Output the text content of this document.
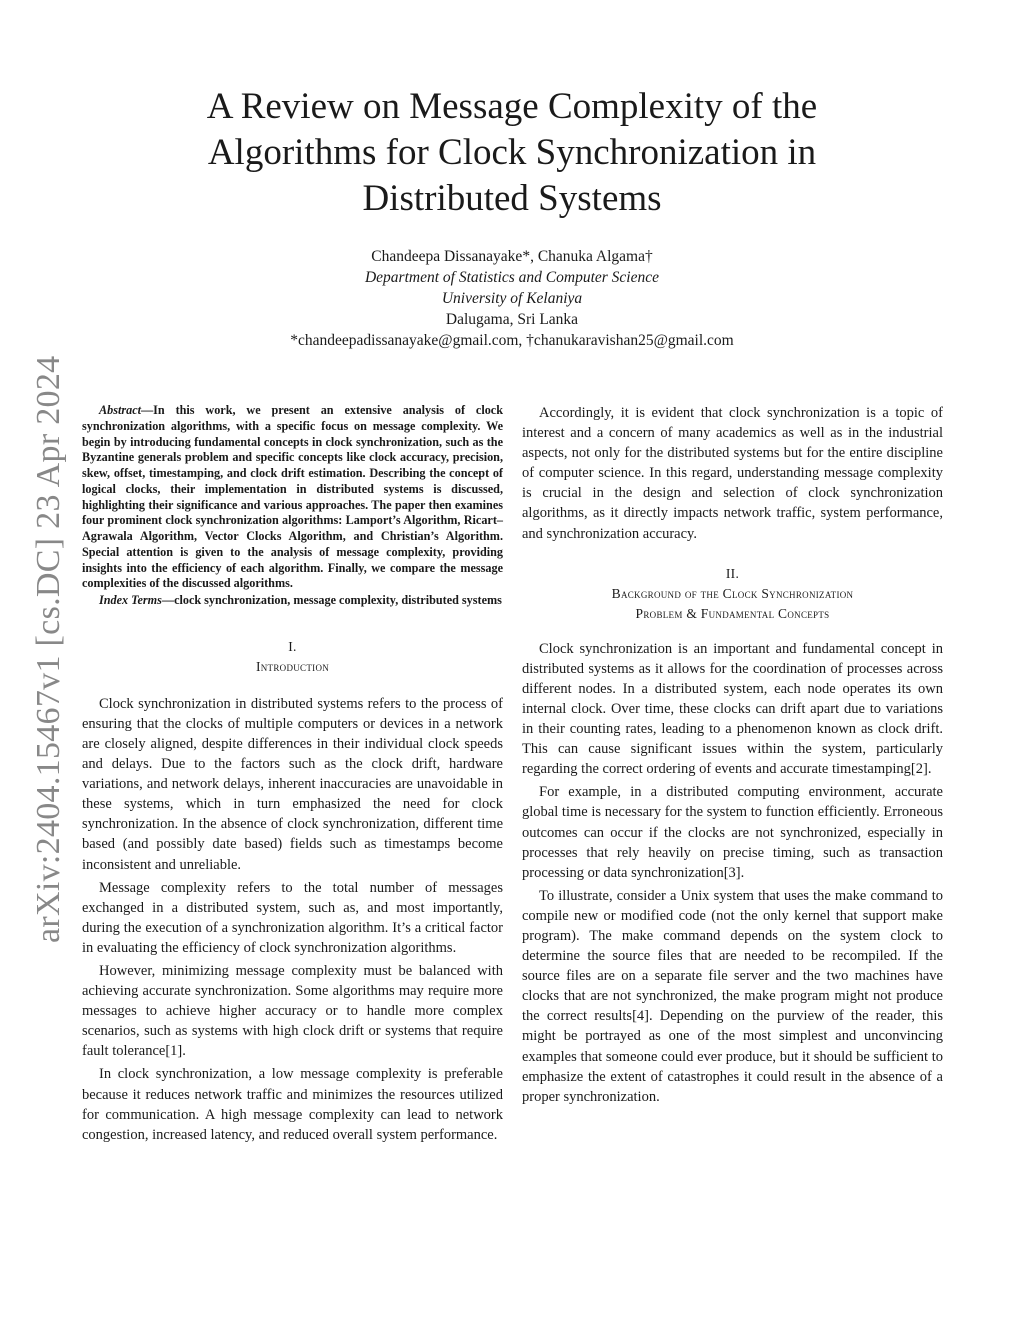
arXiv:2404.15467v1 [cs.DC] 23 Apr 2024
A Review on Message Complexity of the
Algorithms for Clock Synchronization in
Distributed Systems
Chandeepa Dissanayake*, Chanuka Algama†
Department of Statistics and Computer Science
University of Kelaniya
Dalugama, Sri Lanka
*chandeepadissanayake@gmail.com, †chanukaravishan25@gmail.com

Abstract—In this work, we present an extensive analysis of clock synchronization algorithms, with a specific focus on message complexity. We begin by introducing fundamental concepts in clock synchronization, such as the Byzantine generals problem and specific concepts like clock accuracy, precision, skew, offset, timestamping, and clock drift estimation. Describing the concept of logical clocks, their implementation in distributed systems is discussed, highlighting their significance and various approaches. The paper then examines four prominent clock synchronization algorithms: Lamport’s Algorithm, Ricart–Agrawala Algorithm, Vector Clocks Algorithm, and Christian’s Algorithm. Special attention is given to the analysis of message complexity, providing insights into the efficiency of each algorithm. Finally, we compare the message complexities of the discussed algorithms.

Index Terms—clock synchronization, message complexity, distributed systems

I.
Introduction

Clock synchronization in distributed systems refers to the process of ensuring that the clocks of multiple computers or devices in a network are closely aligned, despite differences in their individual clock speeds and delays. Due to the factors such as the clock drift, hardware variations, and network delays, inherent inaccuracies are unavoidable in these systems, which in turn emphasized the need for clock synchronization. In the absence of clock synchronization, different time based (and possibly date based) fields such as timestamps become inconsistent and unreliable.

Message complexity refers to the total number of messages exchanged in a distributed system, such as, and most importantly, during the execution of a synchronization algorithm. It’s a critical factor in evaluating the efficiency of clock synchronization algorithms.

However, minimizing message complexity must be balanced with achieving accurate synchronization. Some algorithms may require more messages to achieve higher accuracy or to handle more complex scenarios, such as systems with high clock drift or systems that require fault tolerance[1].

In clock synchronization, a low message complexity is preferable because it reduces network traffic and minimizes the resources utilized for communication. A high message complexity can lead to network congestion, increased latency, and reduced overall system performance.

Accordingly, it is evident that clock synchronization is a topic of interest and a concern of many academics as well as in the industrial aspects, not only for the distributed systems but for the entire discipline of computer science. In this regard, understanding message complexity is crucial in the design and selection of clock synchronization algorithms, as it directly impacts network traffic, system performance, and synchronization accuracy.

II.
Background of the Clock Synchronization
Problem & Fundamental Concepts

Clock synchronization is an important and fundamental concept in distributed systems as it allows for the coordination of processes across different nodes. In a distributed system, each node operates its own internal clock. Over time, these clocks can drift apart due to variations in their counting rates, leading to a phenomenon known as clock drift. This can cause significant issues within the system, particularly regarding the correct ordering of events and accurate timestamping[2].

For example, in a distributed computing environment, accurate global time is necessary for the system to function efficiently. Erroneous outcomes can occur if the clocks are not synchronized, especially in processes that rely heavily on precise timing, such as transaction processing or data synchronization[3].

To illustrate, consider a Unix system that uses the make command to compile new or modified code (not the only kernel that support make program). The make command depends on the system clock to determine the source files that are needed to be recompiled. If the source files are on a separate file server and the two machines have clocks that are not synchronized, the make program might not produce the correct results[4]. Depending on the purview of the reader, this might be portrayed as one of the most simplest and unconvincing examples that someone could ever produce, but it should be sufficient to emphasize the extent of catastrophes it could result in the absence of a proper synchronization.
